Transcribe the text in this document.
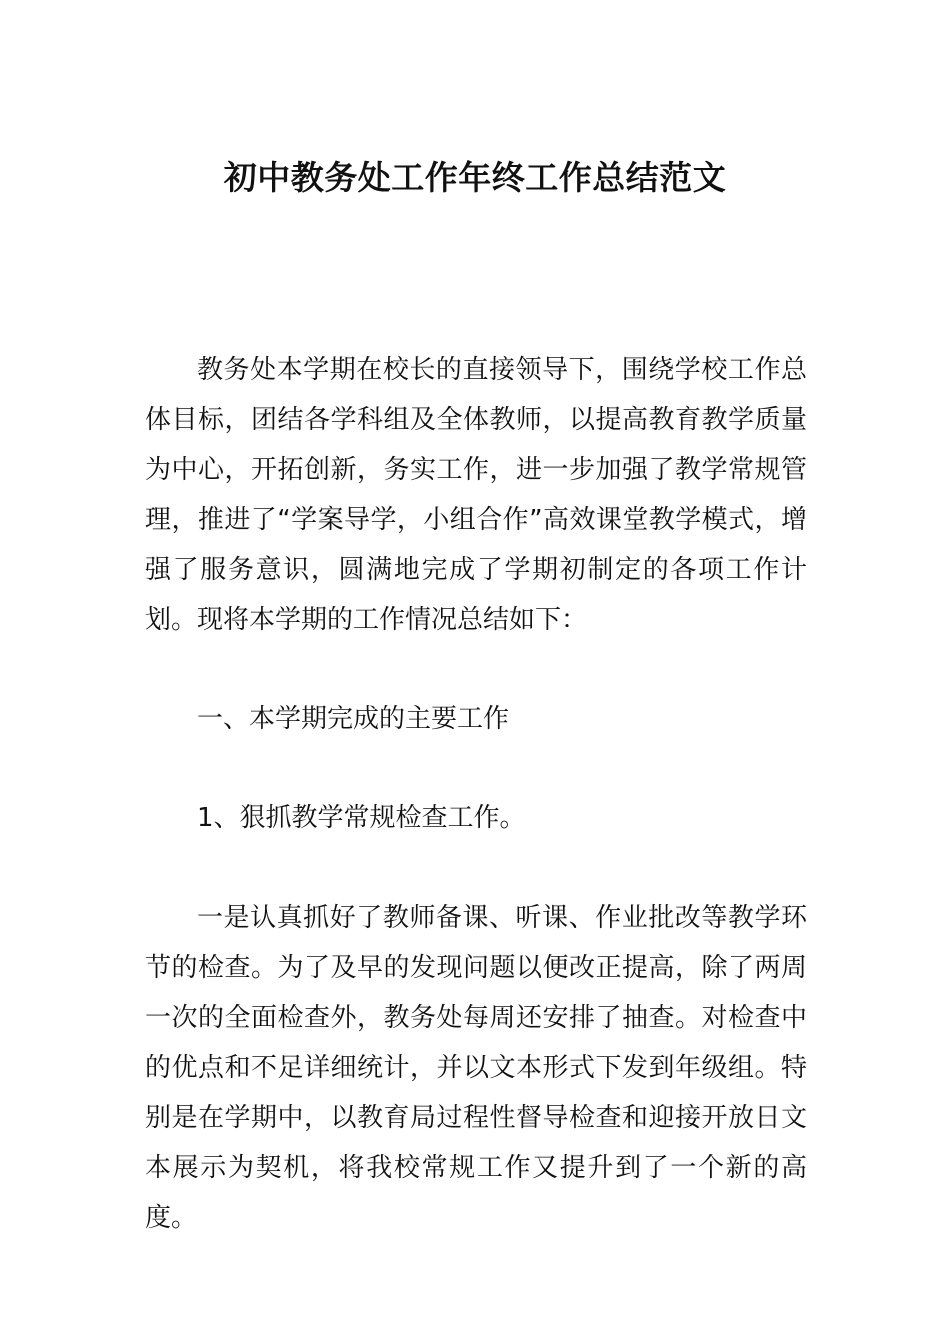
初中教务处工作年终工作总结范文

教务处本学期在校长的直接领导下，围绕学校工作总体目标，团结各学科组及全体教师，以提高教育教学质量为中心，开拓创新，务实工作，进一步加强了教学常规管理，推进了“学案导学，小组合作”高效课堂教学模式，增强了服务意识，圆满地完成了学期初制定的各项工作计划。现将本学期的工作情况总结如下：

一、本学期完成的主要工作

1、狠抓教学常规检查工作。

一是认真抓好了教师备课、听课、作业批改等教学环节的检查。为了及早的发现问题以便改正提高，除了两周一次的全面检查外，教务处每周还安排了抽查。对检查中的优点和不足详细统计，并以文本形式下发到年级组。特别是在学期中，以教育局过程性督导检查和迎接开放日文本展示为契机，将我校常规工作又提升到了一个新的高度。
